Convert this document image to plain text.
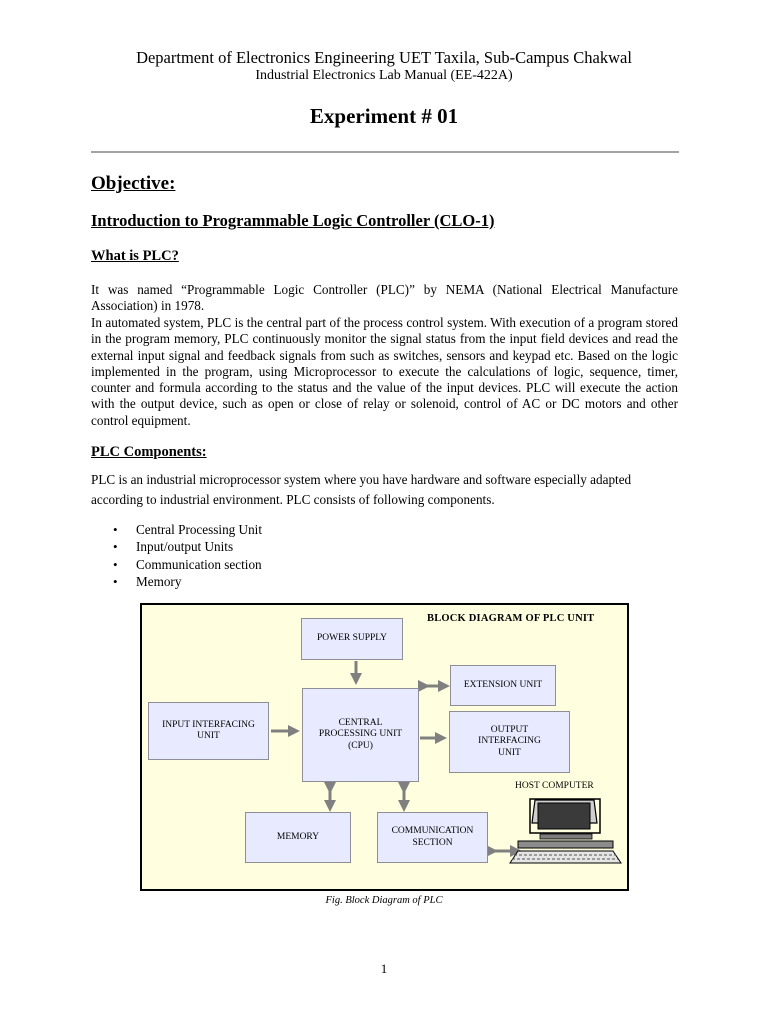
Department of Electronics Engineering UET Taxila, Sub-Campus Chakwal
Industrial Electronics Lab Manual (EE-422A)
Experiment # 01
Objective:
Introduction to Programmable Logic Controller (CLO-1)
What is PLC?
It was named “Programmable Logic Controller (PLC)” by NEMA (National Electrical Manufacture Association) in 1978.
In automated system, PLC is the central part of the process control system. With execution of a program stored in the program memory, PLC continuously monitor the signal status from the input field devices and read the external input signal and feedback signals from such as switches, sensors and keypad etc. Based on the logic implemented in the program, using Microprocessor to execute the calculations of logic, sequence, timer, counter and formula according to the status and the value of the input devices. PLC will execute the action with the output device, such as open or close of relay or solenoid, control of AC or DC motors and other control equipment.
PLC Components:
PLC is an industrial microprocessor system where you have hardware and software especially adapted according to industrial environment. PLC consists of following components.
• Central Processing Unit
• Input/output Units
• Communication section
• Memory
BLOCK DIAGRAM OF PLC UNIT
POWER SUPPLY
EXTENSION UNIT
INPUT INTERFACING UNIT
CENTRAL PROCESSING UNIT (CPU)
OUTPUT INTERFACING UNIT
MEMORY
COMMUNICATION SECTION
HOST COMPUTER
Fig. Block Diagram of PLC
1
